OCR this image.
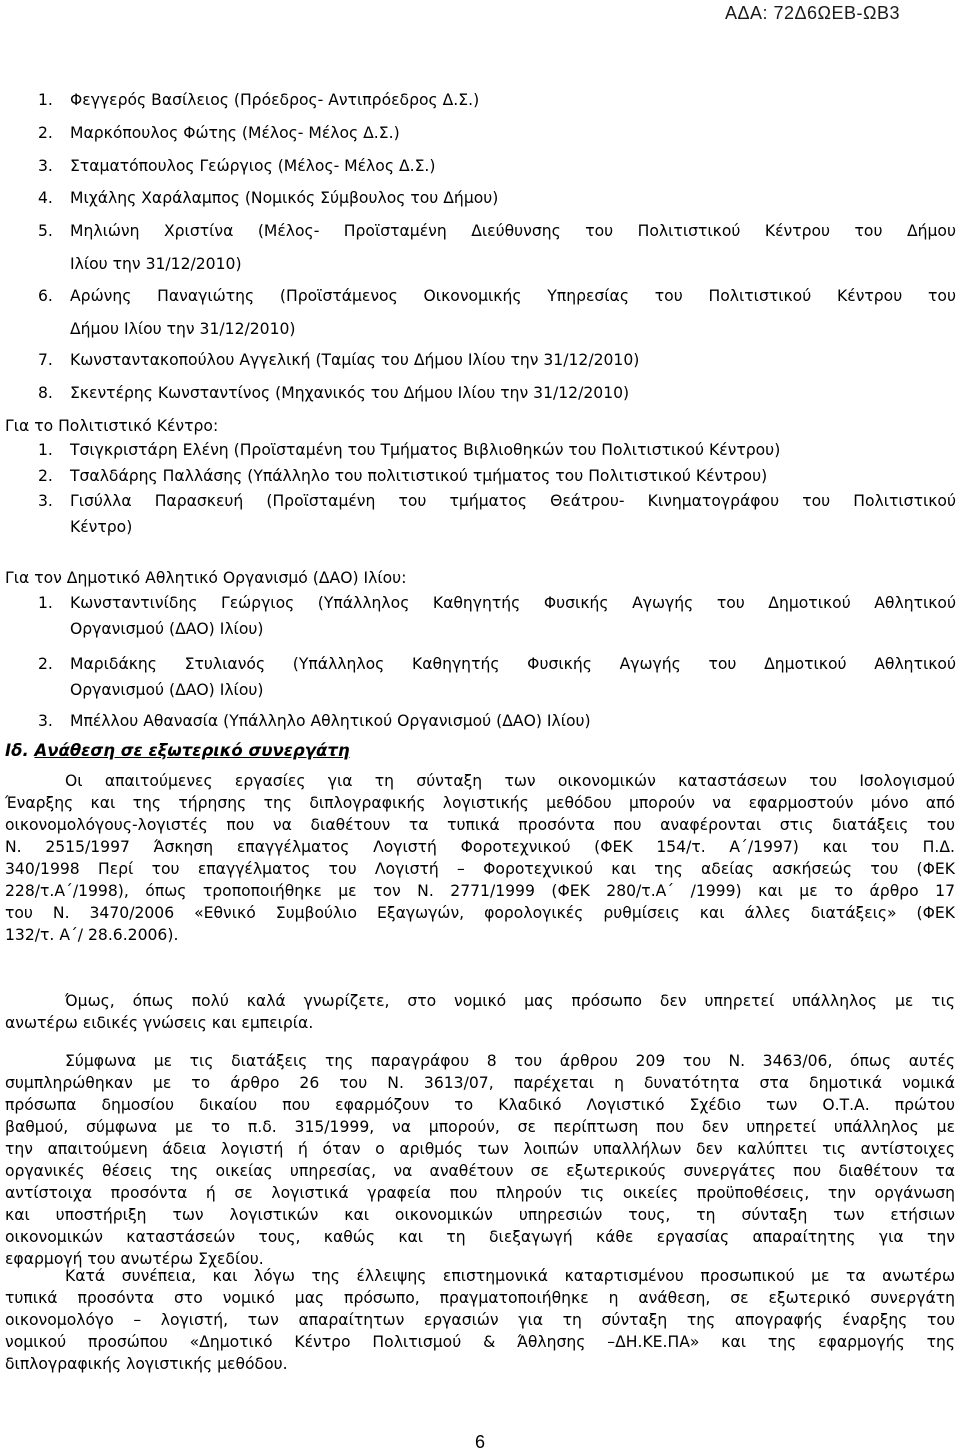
ΑΔΑ: 72Δ6ΩΕΒ-ΩΒ3
1.	Φεγγερός Βασίλειος (Πρόεδρος- Αντιπρόεδρος Δ.Σ.)
2.	Μαρκόπουλος Φώτης (Μέλος- Μέλος Δ.Σ.)
3.	Σταματόπουλος Γεώργιος (Μέλος- Μέλος Δ.Σ.)
4.	Μιχάλης Χαράλαμπος (Νομικός Σύμβουλος του Δήμου)
5.	Μηλιώνη Χριστίνα (Μέλος- Προϊσταμένη Διεύθυνσης του Πολιτιστικού Κέντρου του Δήμου
Ιλίου την 31/12/2010)
6.	Αρώνης Παναγιώτης (Προϊστάμενος Οικονομικής Υπηρεσίας του Πολιτιστικού Κέντρου του
Δήμου Ιλίου την 31/12/2010)
7.	Κωνσταντακοπούλου Αγγελική (Ταμίας του Δήμου Ιλίου την 31/12/2010)
8.	Σκεντέρης Κωνσταντίνος (Μηχανικός του Δήμου Ιλίου την 31/12/2010)
Για το Πολιτιστικό Κέντρο:
1.	Τσιγκριστάρη Ελένη (Προϊσταμένη του Τμήματος Βιβλιοθηκών του Πολιτιστικού Κέντρου)
2.	Τσαλδάρης Παλλάσης (Υπάλληλο του πολιτιστικού τμήματος του Πολιτιστικού Κέντρου)
3.	Γισύλλα Παρασκευή (Προϊσταμένη του τμήματος Θεάτρου- Κινηματογράφου του Πολιτιστικού
Κέντρο)
Για τον Δημοτικό Αθλητικό Οργανισμό (ΔΑΟ) Ιλίου:
1.	Κωνσταντινίδης Γεώργιος (Υπάλληλος Καθηγητής Φυσικής Αγωγής του Δημοτικού Αθλητικού
Οργανισμού (ΔΑΟ) Ιλίου)
2.	Μαριδάκης Στυλιανός (Υπάλληλος Καθηγητής Φυσικής Αγωγής του Δημοτικού Αθλητικού
Οργανισμού (ΔΑΟ) Ιλίου)
3.	Μπέλλου Αθανασία (Υπάλληλο Αθλητικού Οργανισμού (ΔΑΟ) Ιλίου)
Οι απαιτούμενες εργασίες για τη σύνταξη των οικονομικών καταστάσεων του Ισολογισμού
Έναρξης και της τήρησης της διπλογραφικής λογιστικής μεθόδου μπορούν να εφαρμοστούν μόνο από
οικονομολόγους-λογιστές που να διαθέτουν τα τυπικά προσόντα που αναφέρονται στις διατάξεις του
Ν. 2515/1997 Άσκηση επαγγέλματος Λογιστή Φοροτεχνικού (ΦΕΚ 154/τ. Α΄/1997) και του Π.Δ.
340/1998 Περί του επαγγέλματος του Λογιστή – Φοροτεχνικού και της αδείας ασκήσεώς του (ΦΕΚ
228/τ.Α΄/1998), όπως τροποποιήθηκε με τον Ν. 2771/1999 (ΦΕΚ 280/τ.Α΄ /1999) και με το άρθρο 17
του Ν. 3470/2006 «Εθνικό Συμβούλιο Εξαγωγών, φορολογικές ρυθμίσεις και άλλες διατάξεις» (ΦΕΚ
132/τ. Α΄/ 28.6.2006).
Όμως, όπως πολύ καλά γνωρίζετε, στο νομικό μας πρόσωπο δεν υπηρετεί υπάλληλος με τις
ανωτέρω ειδικές γνώσεις και εμπειρία.
Σύμφωνα με τις διατάξεις της παραγράφου 8 του άρθρου 209 του Ν. 3463/06, όπως αυτές
συμπληρώθηκαν με το άρθρο 26 του Ν. 3613/07, παρέχεται η δυνατότητα στα δημοτικά νομικά
πρόσωπα δημοσίου δικαίου που εφαρμόζουν το Κλαδικό Λογιστικό Σχέδιο των Ο.Τ.Α. πρώτου
βαθμού, σύμφωνα με το π.δ. 315/1999, να μπορούν, σε περίπτωση που δεν υπηρετεί υπάλληλος με
την απαιτούμενη άδεια λογιστή ή όταν ο αριθμός των λοιπών υπαλλήλων δεν καλύπτει τις αντίστοιχες
οργανικές θέσεις της οικείας υπηρεσίας, να αναθέτουν σε εξωτερικούς συνεργάτες που διαθέτουν τα
αντίστοιχα προσόντα ή σε λογιστικά γραφεία που πληρούν τις οικείες προϋποθέσεις, την οργάνωση
και υποστήριξη των λογιστικών και οικονομικών υπηρεσιών τους, τη σύνταξη των ετήσιων
οικονομικών καταστάσεών τους, καθώς και τη διεξαγωγή κάθε εργασίας απαραίτητης για την
εφαρμογή του ανωτέρω Σχεδίου.
Κατά συνέπεια, και λόγω της έλλειψης επιστημονικά καταρτισμένου προσωπικού με τα ανωτέρω
τυπικά προσόντα στο νομικό μας πρόσωπο, πραγματοποιήθηκε η ανάθεση, σε εξωτερικό συνεργάτη
οικονομολόγο – λογιστή, των απαραίτητων εργασιών για τη σύνταξη της απογραφής έναρξης του
νομικού προσώπου «Δημοτικό Κέντρο Πολιτισμού & Άθλησης –ΔΗ.ΚΕ.ΠΑ» και της εφαρμογής της
διπλογραφικής λογιστικής μεθόδου.
Ιδ. Ανάθεση σε εξωτερικό συνεργάτη
6
